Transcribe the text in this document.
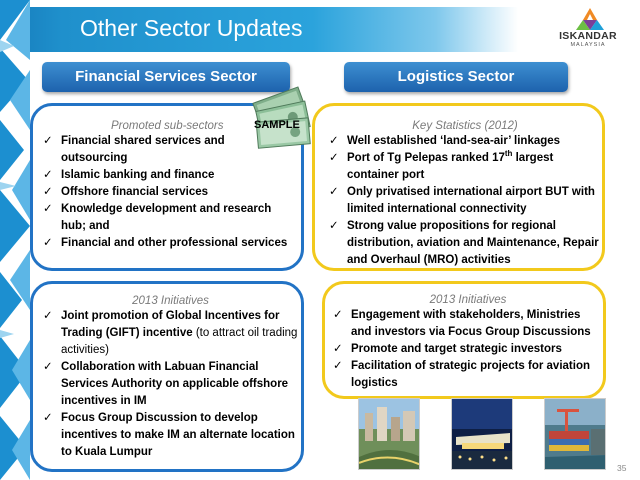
Other Sector Updates	ISKANDAR
MALAYSIA
Financial Services Sector	Logistics Sector
Promoted sub-sectors
✓ Financial shared services and outsourcing
✓ Islamic banking and finance
✓ Offshore financial services
✓ Knowledge development and research hub; and
✓ Financial and other professional services
SAMPLE	Key Statistics (2012)
✓ Well established ‘land-sea-air’ linkages
✓ Port of Tg Pelepas ranked 17th largest container port
✓ Only privatised international airport BUT with limited international connectivity
✓ Strong value propositions for regional distribution, aviation and Maintenance, Repair and Overhaul (MRO) activities
2013 Initiatives
✓ Joint promotion of Global Incentives for Trading (GIFT) incentive (to attract oil trading activities)
✓ Collaboration with Labuan Financial Services Authority on applicable offshore incentives in IM
✓ Focus Group Discussion to develop incentives to make IM an alternate location to Kuala Lumpur
2013 Initiatives
✓ Engagement with stakeholders, Ministries and investors via Focus Group Discussions
✓ Promote and target strategic investors
✓ Facilitation of strategic projects for aviation logistics
35
